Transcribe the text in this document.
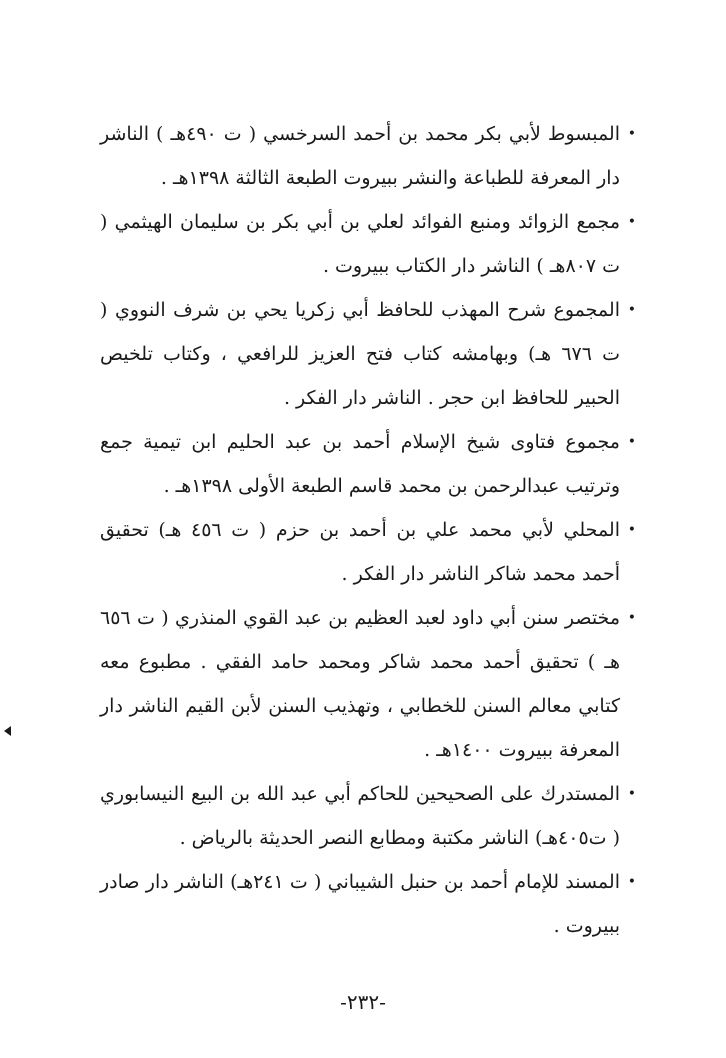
•
المبسوط لأبي بكر محمد بن أحمد السرخسي ( ت ٤٩٠هـ ) الناشر دار المعرفة للطباعة والنشر ببيروت الطبعة الثالثة ١٣٩٨هـ .
•
مجمع الزوائد ومنبع الفوائد لعلي بن أبي بكر بن سليمان الهيثمي ( ت ٨٠٧هـ ) الناشر دار الكتاب ببيروت .
•
المجموع شرح المهذب للحافظ أبي زكريا يحي بن شرف النووي ( ت ٦٧٦ هـ) وبهامشه كتاب فتح العزيز للرافعي ، وكتاب تلخيص الحبير للحافظ ابن حجر . الناشر دار الفكر .
•
مجموع فتاوى شيخ الإسلام أحمد بن عبد الحليم ابن تيمية جمع وترتيب عبدالرحمن بن محمد قاسم الطبعة الأولى ١٣٩٨هـ .
•
المحلي لأبي محمد علي بن أحمد بن حزم ( ت ٤٥٦ هـ) تحقيق أحمد محمد شاكر الناشر دار الفكر .
•
مختصر سنن أبي داود لعبد العظيم بن عبد القوي المنذري ( ت ٦٥٦ هـ ) تحقيق أحمد محمد شاكر ومحمد حامد الفقي . مطبوع معه كتابي معالم السنن للخطابي ، وتهذيب السنن لأبن القيم الناشر دار المعرفة ببيروت ١٤٠٠هـ .
•
المستدرك على الصحيحين للحاكم أبي عبد الله بن البيع النيسابوري ( ت٤٠٥هـ) الناشر مكتبة ومطابع النصر الحديثة بالرياض .
•
المسند للإمام أحمد بن حنبل الشيباني ( ت ٢٤١هـ) الناشر دار صادر ببيروت .
-٢٣٢-
